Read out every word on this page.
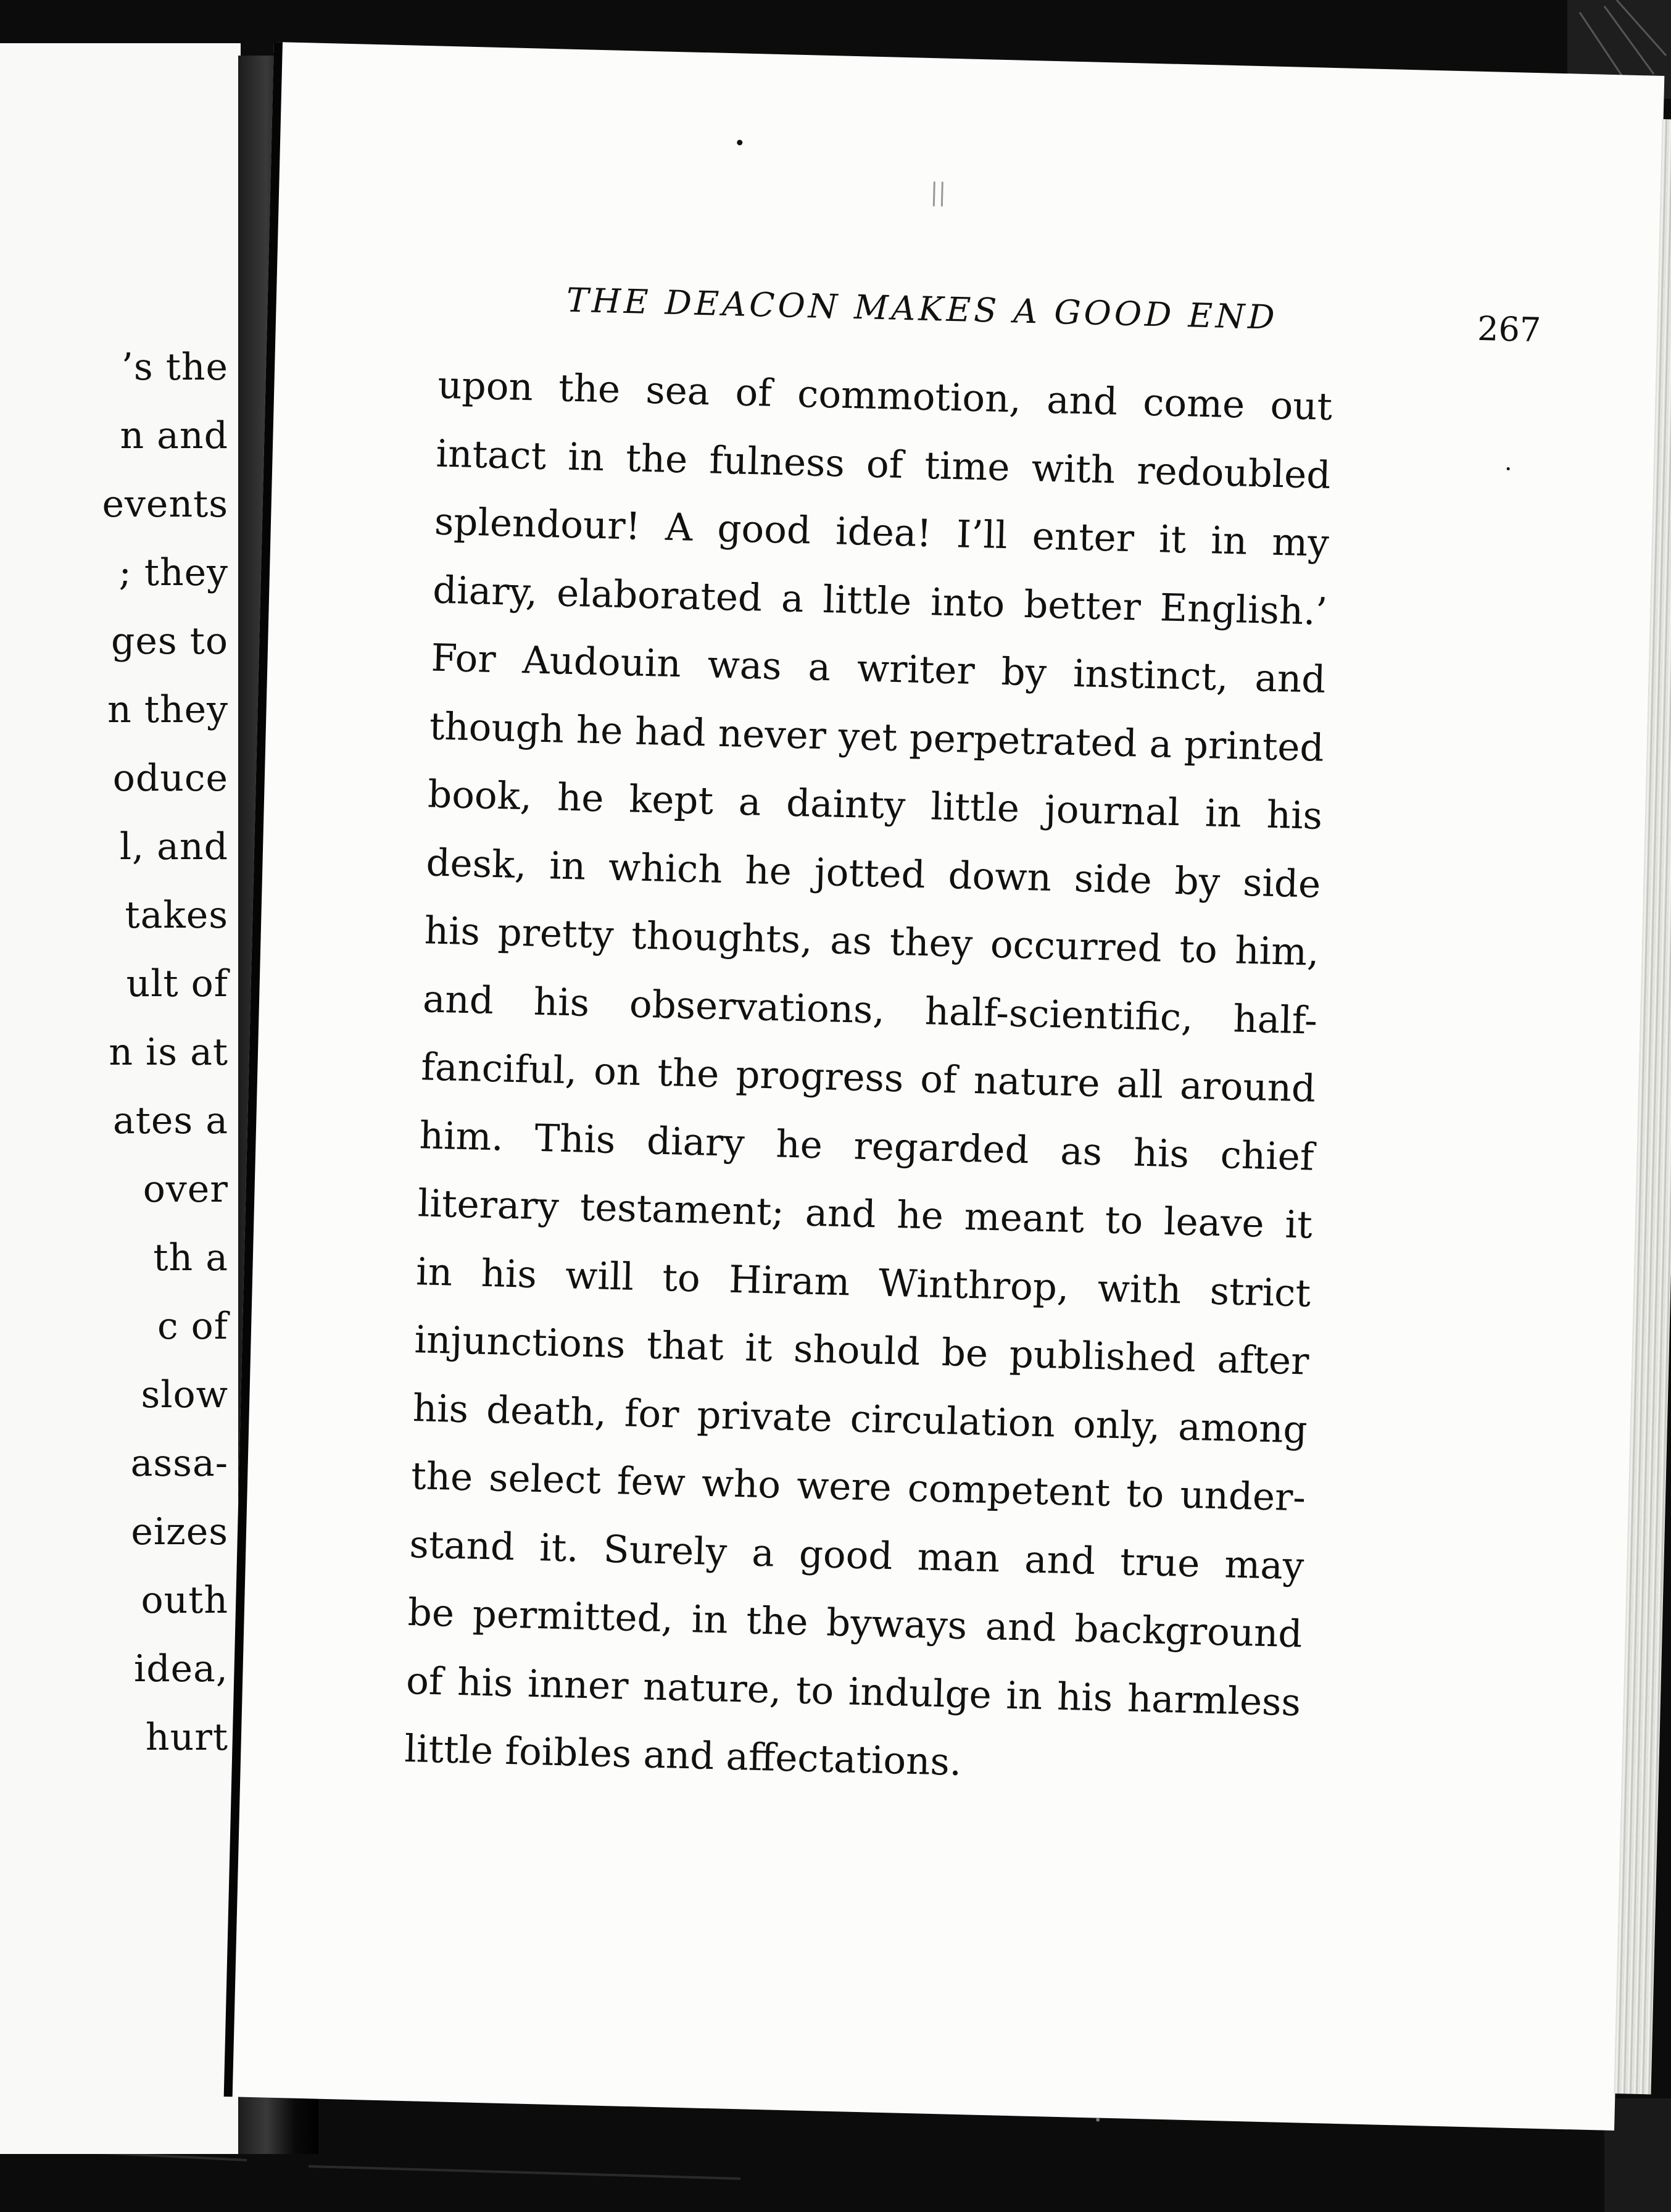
’s the
n and
events
; they
ges to
n they
oduce
l, and
takes
ult of
n is at
ates a
over
th a
c of
slow
assa-
eizes
outh
idea,
hurt
THE DEACON MAKES A GOOD END	267
upon the sea of commotion, and come out
intact in the fulness of time with redoubled
splendour! A good idea! I’ll enter it in my
diary, elaborated a little into better English.’
For Audouin was a writer by instinct, and
though he had never yet perpetrated a printed
book, he kept a dainty little journal in his
desk, in which he jotted down side by side
his pretty thoughts, as they occurred to him,
and his observations, half-scientific, half-
fanciful, on the progress of nature all around
him. This diary he regarded as his chief
literary testament; and he meant to leave it
in his will to Hiram Winthrop, with strict
injunctions that it should be published after
his death, for private circulation only, among
the select few who were competent to under-
stand it. Surely a good man and true may
be permitted, in the byways and background
of his inner nature, to indulge in his harmless
little foibles and affectations.
